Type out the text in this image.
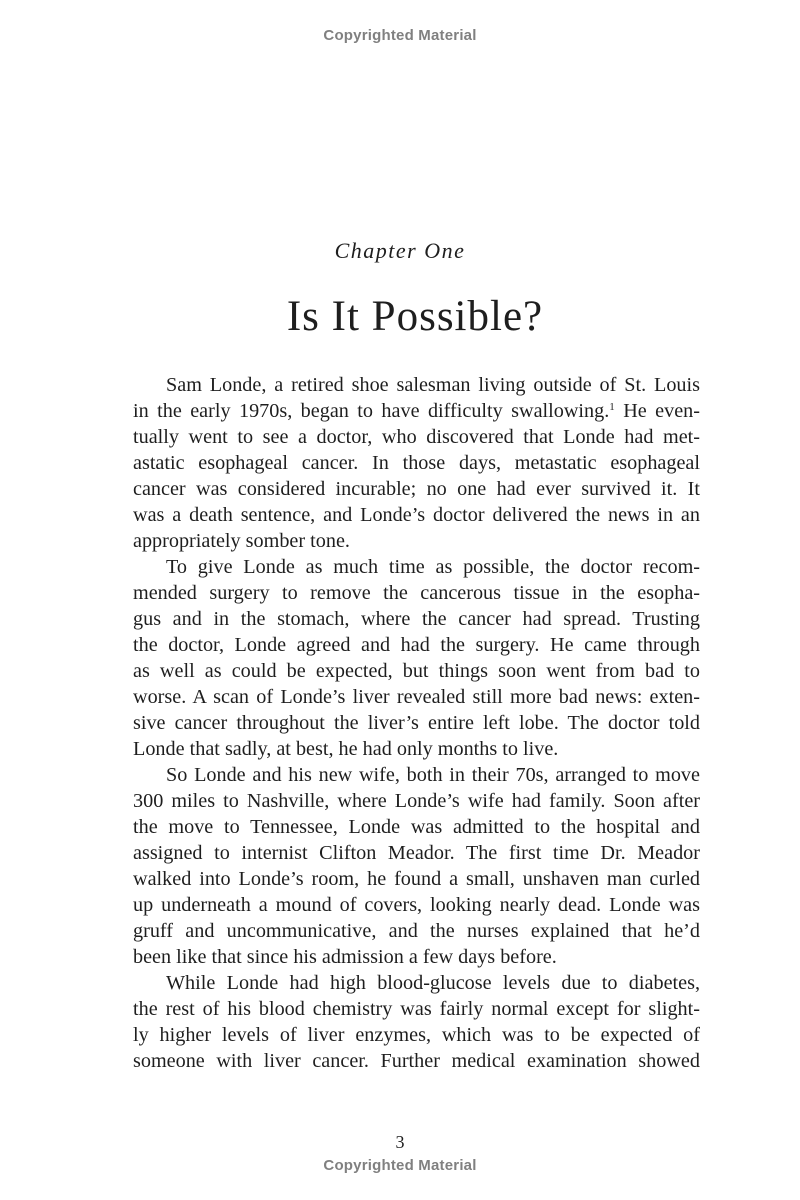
Copyrighted Material
Chapter One
Is It Possible?
Sam Londe, a retired shoe salesman living outside of St. Louis
in the early 1970s, began to have difficulty swallowing.$^1$ He even-
tually went to see a doctor, who discovered that Londe had met-
astatic esophageal cancer. In those days, metastatic esophageal
cancer was considered incurable; no one had ever survived it. It
was a death sentence, and Londe’s doctor delivered the news in an
appropriately somber tone.
To give Londe as much time as possible, the doctor recom-
mended surgery to remove the cancerous tissue in the esopha-
gus and in the stomach, where the cancer had spread. Trusting
the doctor, Londe agreed and had the surgery. He came through
as well as could be expected, but things soon went from bad to
worse. A scan of Londe’s liver revealed still more bad news: exten-
sive cancer throughout the liver’s entire left lobe. The doctor told
Londe that sadly, at best, he had only months to live.
So Londe and his new wife, both in their 70s, arranged to move
300 miles to Nashville, where Londe’s wife had family. Soon after
the move to Tennessee, Londe was admitted to the hospital and
assigned to internist Clifton Meador. The first time Dr. Meador
walked into Londe’s room, he found a small, unshaven man curled
up underneath a mound of covers, looking nearly dead. Londe was
gruff and uncommunicative, and the nurses explained that he’d
been like that since his admission a few days before.
While Londe had high blood-glucose levels due to diabetes,
the rest of his blood chemistry was fairly normal except for slight-
ly higher levels of liver enzymes, which was to be expected of
someone with liver cancer. Further medical examination showed
3
Copyrighted Material
